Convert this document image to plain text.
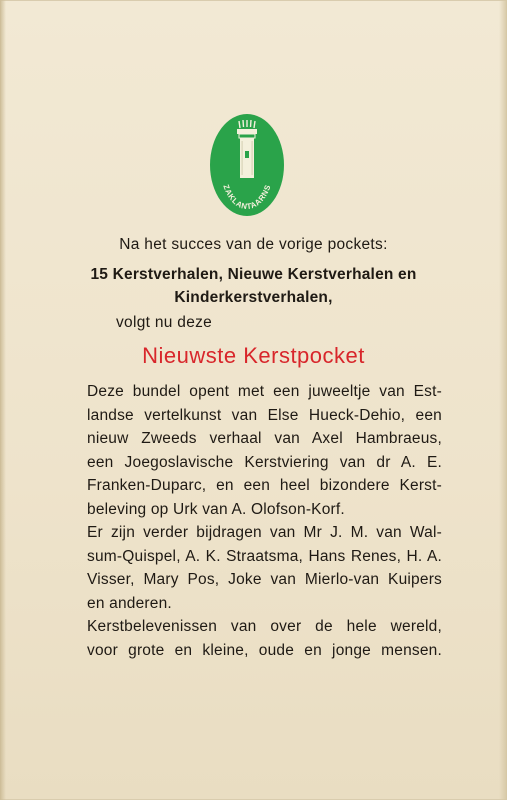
ZAKLANTAARNS
Na het succes van de vorige pockets:
15 Kerstverhalen, Nieuwe Kerstverhalen en
Kinderkerstverhalen,
volgt nu deze
Nieuwste Kerstpocket
Deze bundel opent met een juweeltje van Est-
landse vertelkunst van Else Hueck-Dehio, een
nieuw Zweeds verhaal van Axel Hambraeus,
een Joegoslavische Kerstviering van dr A. E.
Franken-Duparc, en een heel bizondere Kerst-
beleving op Urk van A. Olofson-Korf.
Er zijn verder bijdragen van Mr J. M. van Wal-
sum-Quispel, A. K. Straatsma, Hans Renes, H. A.
Visser, Mary Pos, Joke van Mierlo-van Kuipers
en anderen.
Kerstbelevenissen van over de hele wereld,
voor grote en kleine, oude en jonge mensen.
